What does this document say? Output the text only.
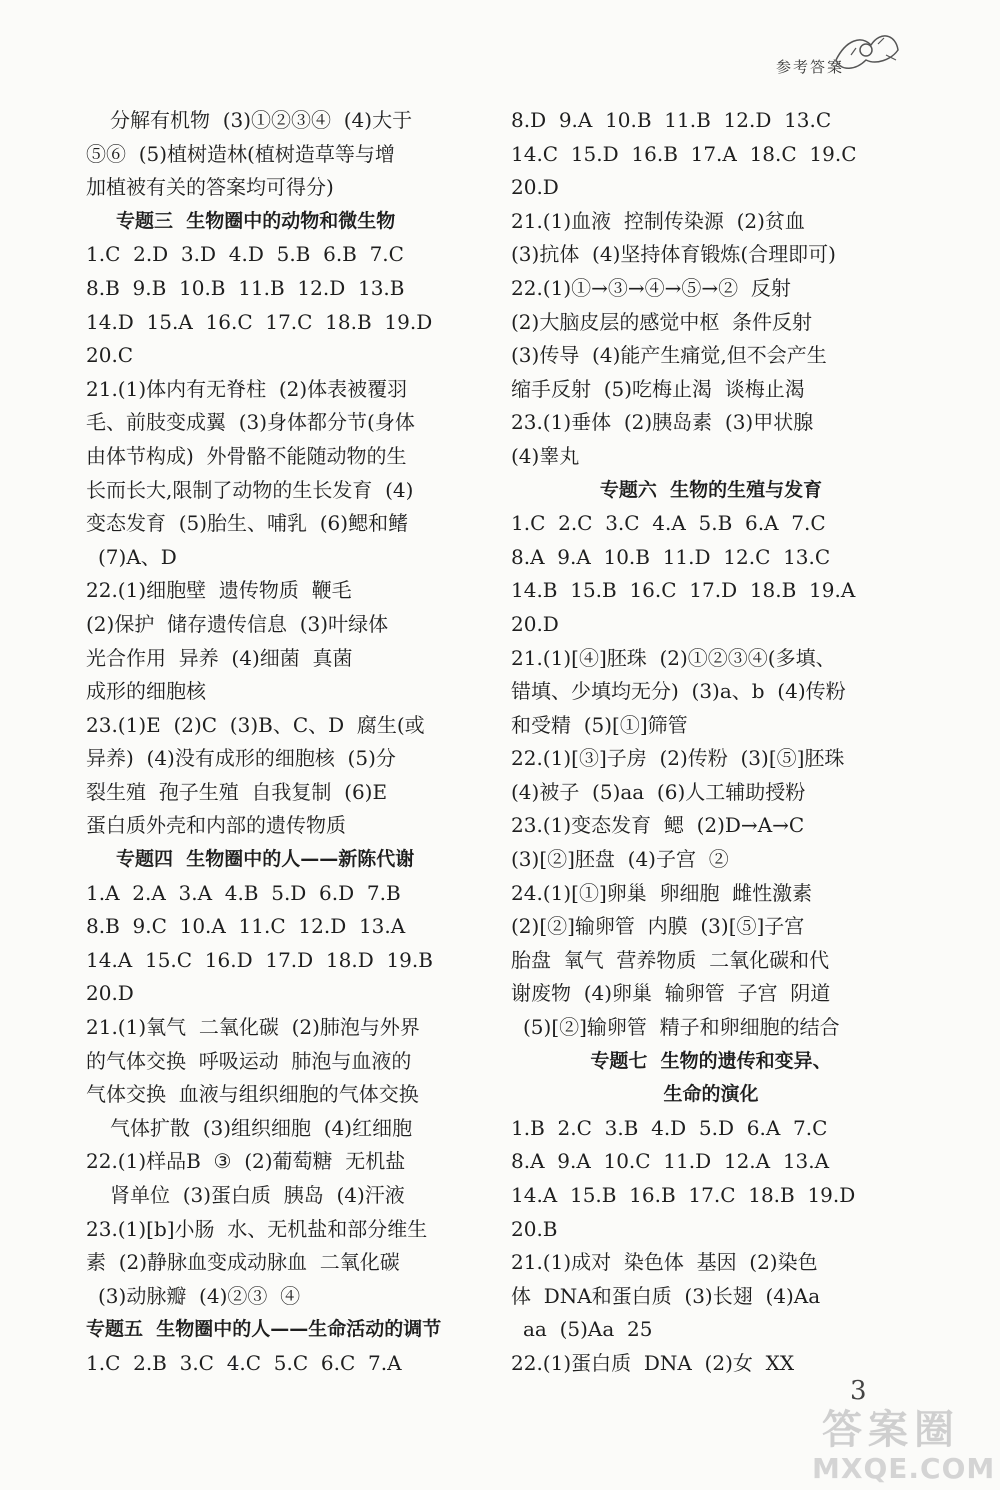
参考答案
分解有机物  (3)①②③④  (4)大于
⑤⑥  (5)植树造林(植树造草等与增
加植被有关的答案均可得分)
专题三  生物圈中的动物和微生物
1.C  2.D  3.D  4.D  5.B  6.B  7.C
8.B  9.B  10.B  11.B  12.D  13.B
14.D  15.A  16.C  17.C  18.B  19.D
20.C
21.(1)体内有无脊柱  (2)体表被覆羽
毛、前肢变成翼  (3)身体都分节(身体
由体节构成)  外骨骼不能随动物的生
长而长大,限制了动物的生长发育  (4)
变态发育  (5)胎生、哺乳  (6)鳃和鳍
(7)A、D
22.(1)细胞壁  遗传物质  鞭毛
(2)保护  储存遗传信息  (3)叶绿体
光合作用  异养  (4)细菌  真菌
成形的细胞核
23.(1)E  (2)C  (3)B、C、D  腐生(或
异养)  (4)没有成形的细胞核  (5)分
裂生殖  孢子生殖  自我复制  (6)E
蛋白质外壳和内部的遗传物质
专题四  生物圈中的人——新陈代谢
1.A  2.A  3.A  4.B  5.D  6.D  7.B
8.B  9.C  10.A  11.C  12.D  13.A
14.A  15.C  16.D  17.D  18.D  19.B
20.D
21.(1)氧气  二氧化碳  (2)肺泡与外界
的气体交换  呼吸运动  肺泡与血液的
气体交换  血液与组织细胞的气体交换
气体扩散  (3)组织细胞  (4)红细胞
22.(1)样品B  ③  (2)葡萄糖  无机盐
肾单位  (3)蛋白质  胰岛  (4)汗液
23.(1)[b]小肠  水、无机盐和部分维生
素  (2)静脉血变成动脉血  二氧化碳
(3)动脉瓣  (4)②③  ④
专题五  生物圈中的人——生命活动的调节
1.C  2.B  3.C  4.C  5.C  6.C  7.A
8.D  9.A  10.B  11.B  12.D  13.C
14.C  15.D  16.B  17.A  18.C  19.C
20.D
21.(1)血液  控制传染源  (2)贫血
(3)抗体  (4)坚持体育锻炼(合理即可)
22.(1)①→③→④→⑤→②  反射
(2)大脑皮层的感觉中枢  条件反射
(3)传导  (4)能产生痛觉,但不会产生
缩手反射  (5)吃梅止渴  谈梅止渴
23.(1)垂体  (2)胰岛素  (3)甲状腺
(4)睾丸
专题六  生物的生殖与发育
1.C  2.C  3.C  4.A  5.B  6.A  7.C
8.A  9.A  10.B  11.D  12.C  13.C
14.B  15.B  16.C  17.D  18.B  19.A
20.D
21.(1)[④]胚珠  (2)①②③④(多填、
错填、少填均无分)  (3)a、b  (4)传粉
和受精  (5)[①]筛管
22.(1)[③]子房  (2)传粉  (3)[⑤]胚珠
(4)被子  (5)aa  (6)人工辅助授粉
23.(1)变态发育  鳃  (2)D→A→C
(3)[②]胚盘  (4)子宫  ②
24.(1)[①]卵巢  卵细胞  雌性激素
(2)[②]输卵管  内膜  (3)[⑤]子宫
胎盘  氧气  营养物质  二氧化碳和代
谢废物  (4)卵巢  输卵管  子宫  阴道
(5)[②]输卵管  精子和卵细胞的结合
专题七  生物的遗传和变异、
生命的演化
1.B  2.C  3.B  4.D  5.D  6.A  7.C
8.A  9.A  10.C  11.D  12.A  13.A
14.A  15.B  16.B  17.C  18.B  19.D
20.B
21.(1)成对  染色体  基因  (2)染色
体  DNA和蛋白质  (3)长翅  (4)Aa
aa  (5)Aa  25
22.(1)蛋白质  DNA  (2)女  XX
3
答案圈
MXQE.COM
